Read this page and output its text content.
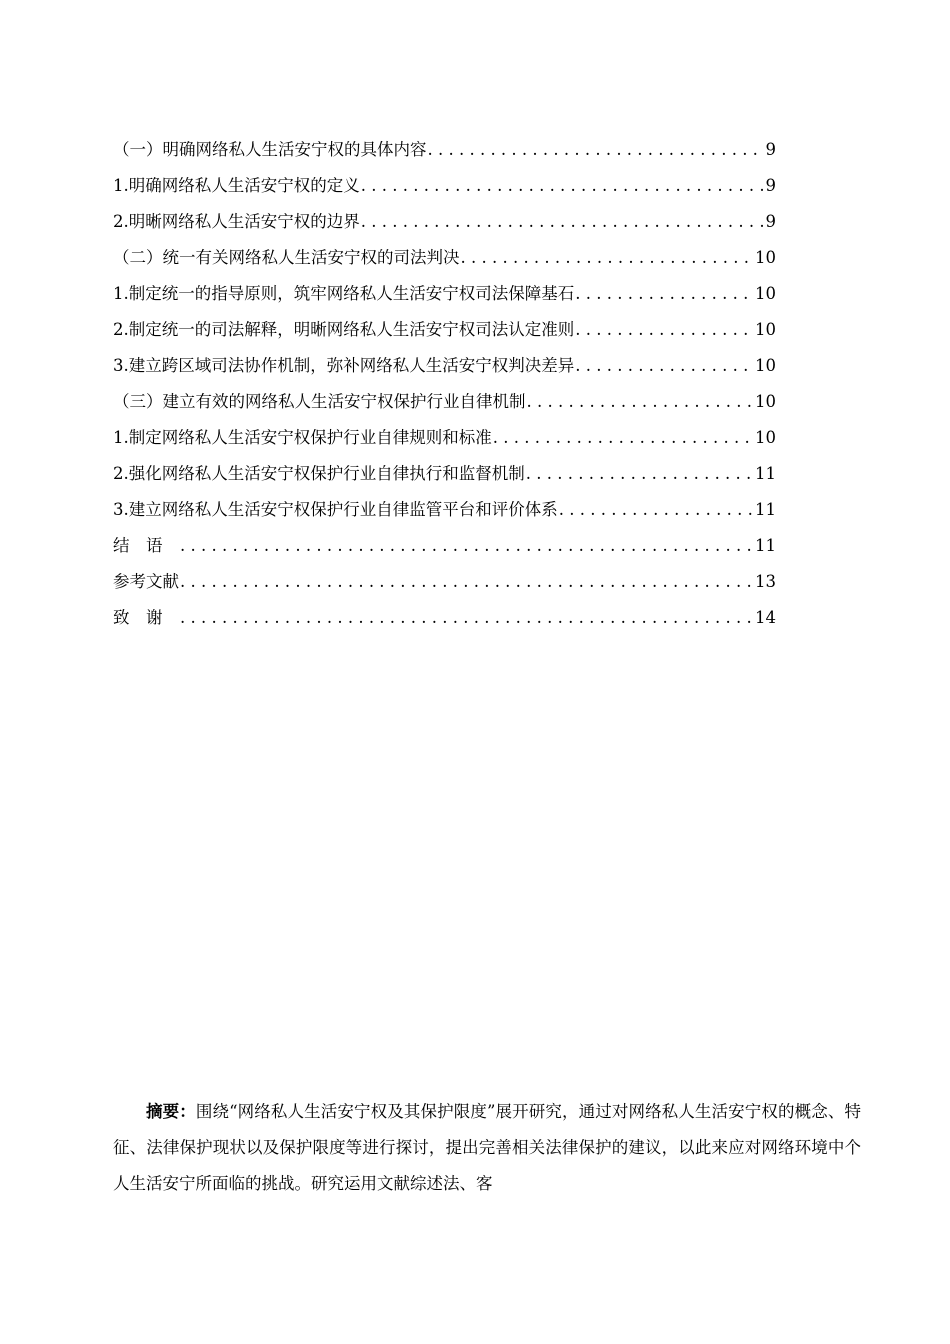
（一）明确网络私人生活安宁权的具体内容 . . .	9
1.明确网络私人生活安宁权的定义 . . .	9
2.明晰网络私人生活安宁权的边界 . . .	9
（二）统一有关网络私人生活安宁权的司法判决 . . .	10
1.制定统一的指导原则，筑牢网络私人生活安宁权司法保障基石 . . .	10
2.制定统一的司法解释，明晰网络私人生活安宁权司法认定准则 . . .	10
3.建立跨区域司法协作机制，弥补网络私人生活安宁权判决差异 . . .	10
（三）建立有效的网络私人生活安宁权保护行业自律机制 . . .	10
1.制定网络私人生活安宁权保护行业自律规则和标准 . . .	10
2.强化网络私人生活安宁权保护行业自律执行和监督机制 . . .	11
3.建立网络私人生活安宁权保护行业自律监管平台和评价体系 . . .	11
结语 . . .	11
参考文献 . . .	13
致谢 . . .	14
摘要：围绕“网络私人生活安宁权及其保护限度”展开研究，通过对网络私人生活安宁权的概念、特征、法律保护现状以及保护限度等进行探讨，提出完善相关法律保护的建议，以此来应对网络环境中个人生活安宁所面临的挑战。研究运用文献综述法、客
